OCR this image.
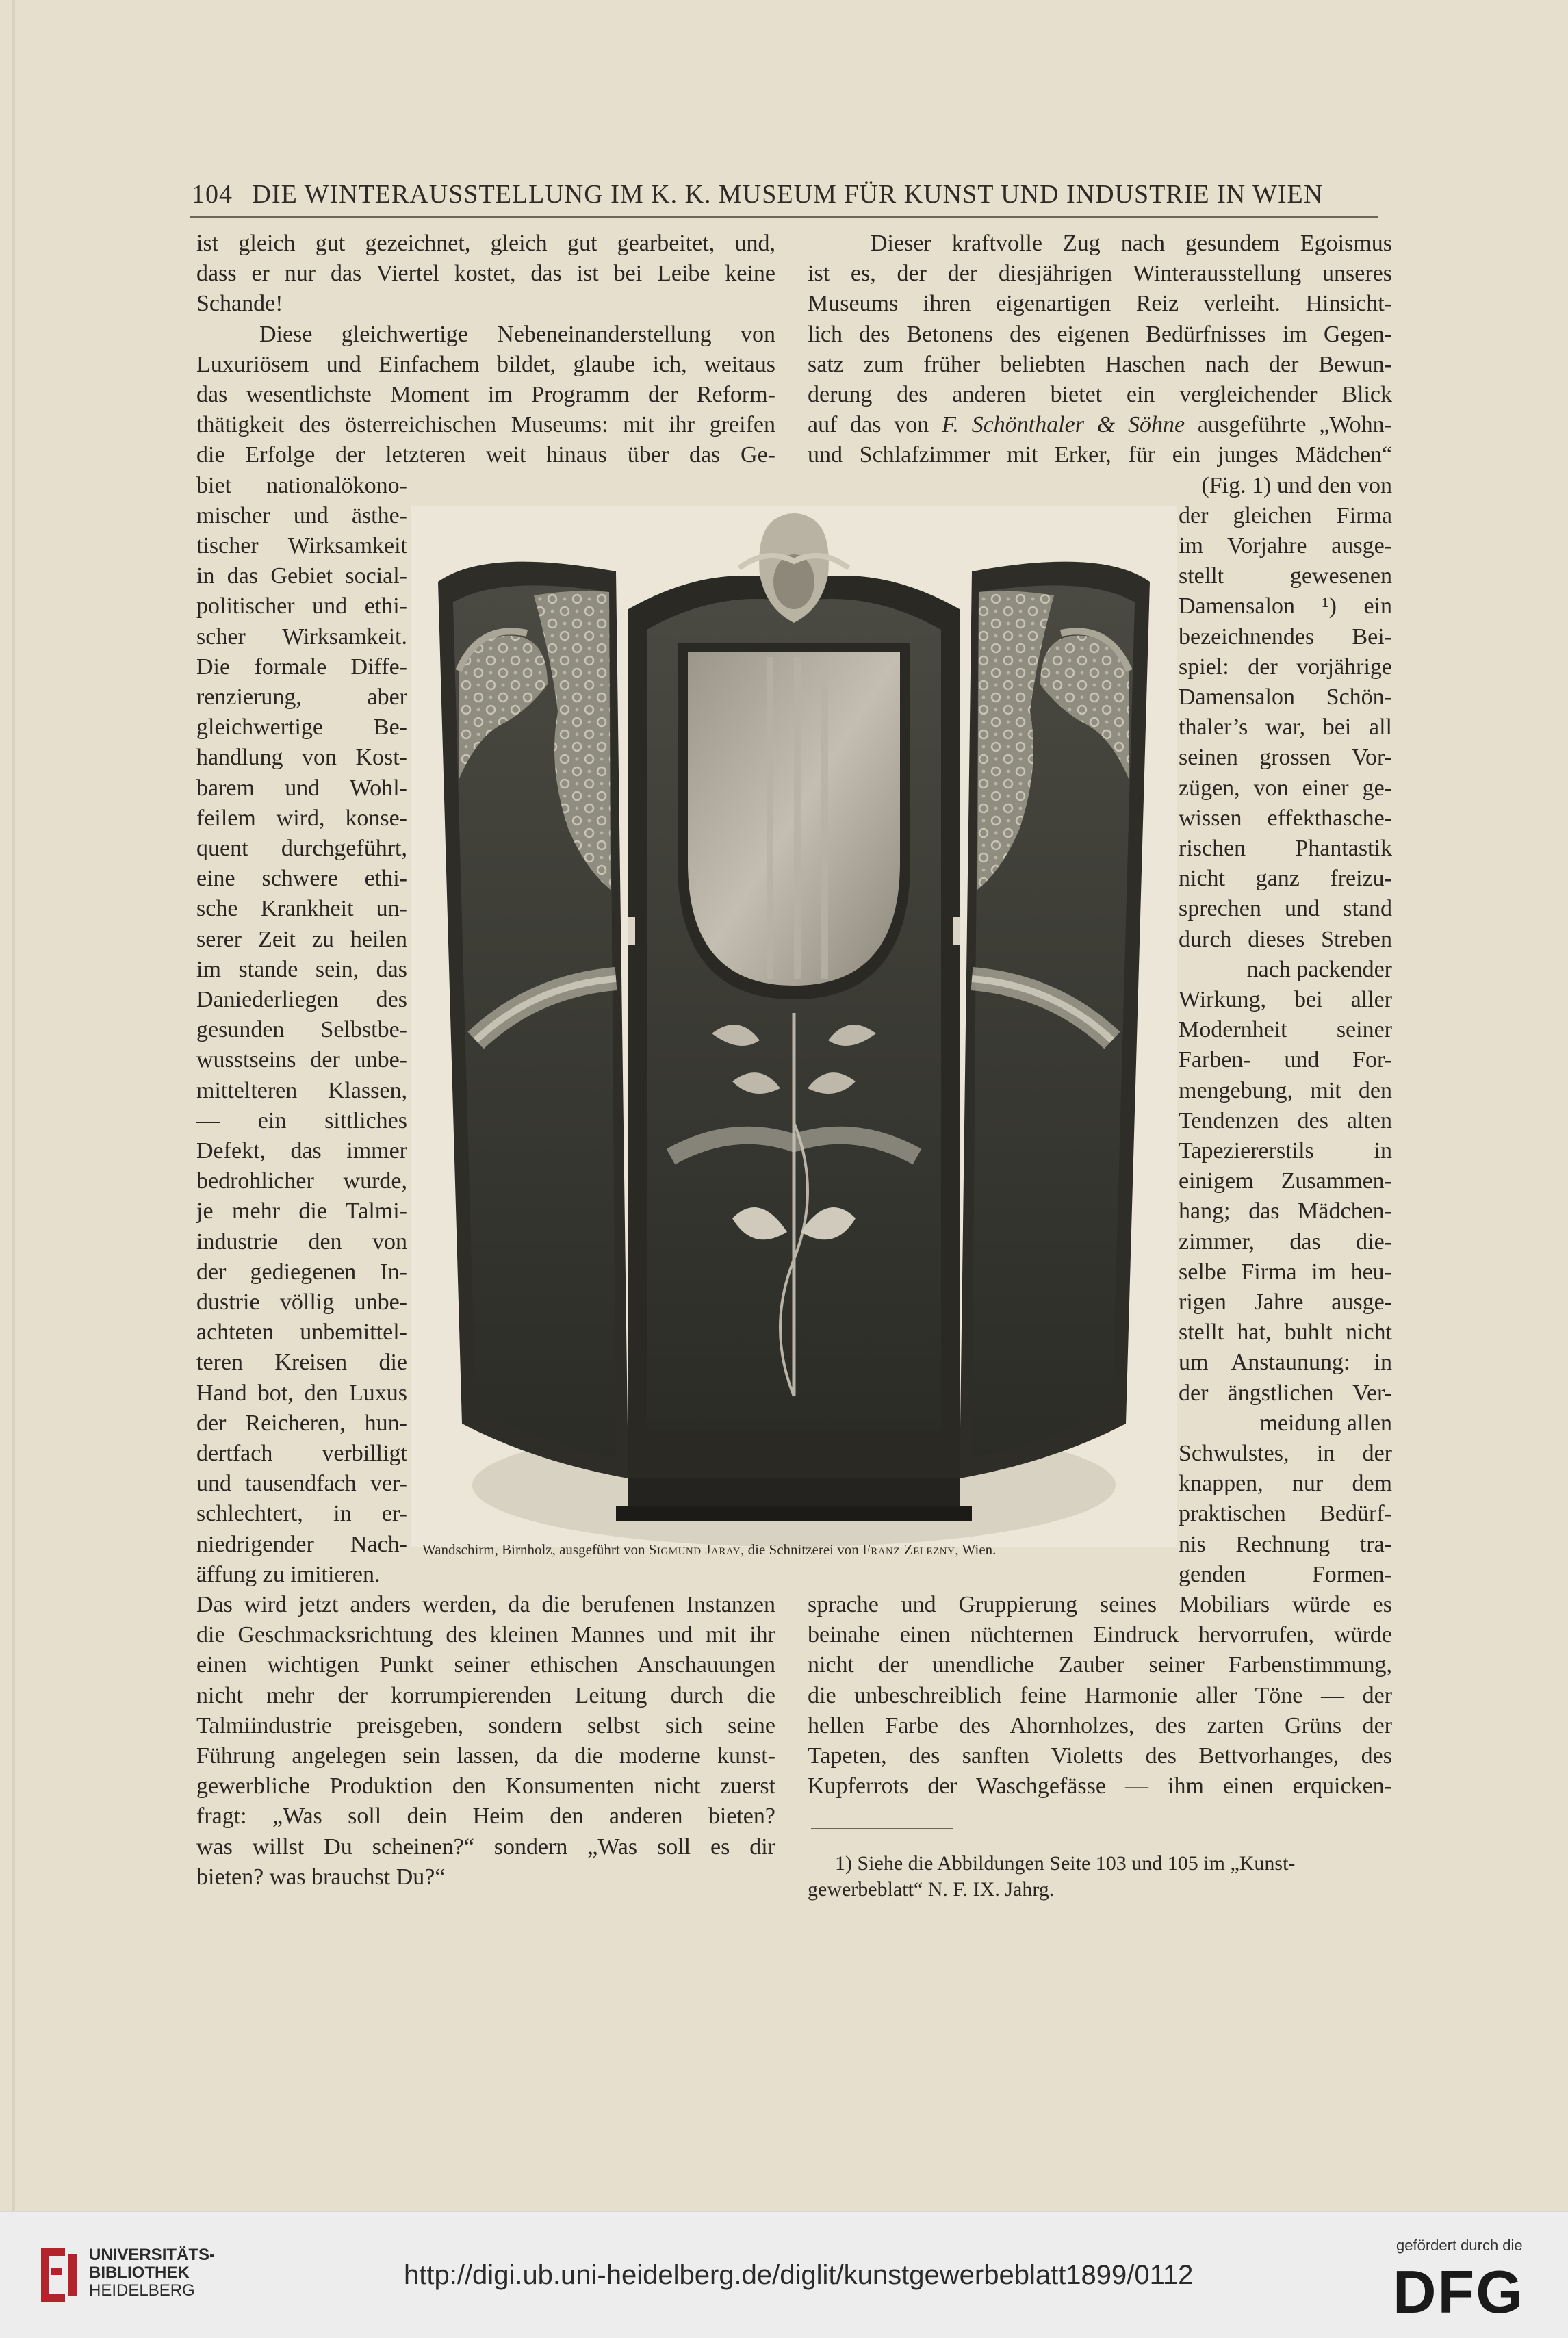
104 DIE WINTERAUSSTELLUNG IM K. K. MUSEUM FÜR KUNST UND INDUSTRIE IN WIEN

ist gleich gut gezeichnet, gleich gut gearbeitet, und,

dass er nur das Viertel kostet, das ist bei Leibe keine

Schande!

Diese gleichwertige Nebeneinanderstellung von

Luxuriösem und Einfachem bildet, glaube ich, weitaus

das wesentlichste Moment im Programm der Reform-

thätigkeit des österreichischen Museums: mit ihr greifen

die Erfolge der letzteren weit hinaus über das Ge-

biet nationalökono-

mischer und ästhe-

tischer Wirksamkeit

in das Gebiet social-

politischer und ethi-

scher Wirksamkeit.

Die formale Diffe-

renzierung, aber

gleichwertige Be-

handlung von Kost-

barem und Wohl-

feilem wird, konse-

quent durchgeführt,

eine schwere ethi-

sche Krankheit un-

serer Zeit zu heilen

im stande sein, das

Daniederliegen des

gesunden Selbstbe-

wusstseins der unbe-

mittelteren Klassen,

— ein sittliches

Defekt, das immer

bedrohlicher wurde,

je mehr die Talmi-

industrie den von

der gediegenen In-

dustrie völlig unbe-

achteten unbemittel-

teren Kreisen die

Hand bot, den Luxus

der Reicheren, hun-

dertfach verbilligt

und tausendfach ver-

schlechtert, in er-

niedrigender Nach-

äffung zu imitieren.

Das wird jetzt anders werden, da die berufenen Instanzen

die Geschmacksrichtung des kleinen Mannes und mit ihr

einen wichtigen Punkt seiner ethischen Anschauungen

nicht mehr der korrumpierenden Leitung durch die

Talmiindustrie preisgeben, sondern selbst sich seine

Führung angelegen sein lassen, da die moderne kunst-

gewerbliche Produktion den Konsumenten nicht zuerst

fragt: „Was soll dein Heim den anderen bieten?

was willst Du scheinen?“ sondern „Was soll es dir

bieten? was brauchst Du?“

Dieser kraftvolle Zug nach gesundem Egoismus

ist es, der der diesjährigen Winterausstellung unseres

Museums ihren eigenartigen Reiz verleiht. Hinsicht-

lich des Betonens des eigenen Bedürfnisses im Gegen-

satz zum früher beliebten Haschen nach der Bewun-

derung des anderen bietet ein vergleichender Blick

auf das von F. Schönthaler & Söhne ausgeführte „Wohn-

und Schlafzimmer mit Erker, für ein junges Mädchen“

(Fig. 1) und den von

der gleichen Firma

im Vorjahre ausge-

stellt gewesenen

Damensalon ¹) ein

bezeichnendes Bei-

spiel: der vorjährige

Damensalon Schön-

thaler’s war, bei all

seinen grossen Vor-

zügen, von einer ge-

wissen effekthasche-

rischen Phantastik

nicht ganz freizu-

sprechen und stand

durch dieses Streben

nach packender

Wirkung, bei aller

Modernheit seiner

Farben- und For-

mengebung, mit den

Tendenzen des alten

Tapeziererstils in

einigem Zusammen-

hang; das Mädchen-

zimmer, das die-

selbe Firma im heu-

rigen Jahre ausge-

stellt hat, buhlt nicht

um Anstaunung: in

der ängstlichen Ver-

meidung allen

Schwulstes, in der

knappen, nur dem

praktischen Bedürf-

nis Rechnung tra-

genden Formen-

sprache und Gruppierung seines Mobiliars würde es

beinahe einen nüchternen Eindruck hervorrufen, würde

nicht der unendliche Zauber seiner Farbenstimmung,

die unbeschreiblich feine Harmonie aller Töne — der

hellen Farbe des Ahornholzes, des zarten Grüns der

Tapeten, des sanften Violetts des Bettvorhanges, des

Kupferrots der Waschgefässe — ihm einen erquicken-

Wandschirm, Birnholz, ausgeführt von Sigmund Jaray, die Schnitzerei von Franz Zelezny, Wien.

1) Siehe die Abbildungen Seite 103 und 105 im „Kunst-

gewerbeblatt“ N. F. IX. Jahrg.

UNIVERSITÄTS-
BIBLIOTHEK
HEIDELBERG
http://digi.ub.uni-heidelberg.de/diglit/kunstgewerbeblatt1899/0112
gefördert durch die
DFG
